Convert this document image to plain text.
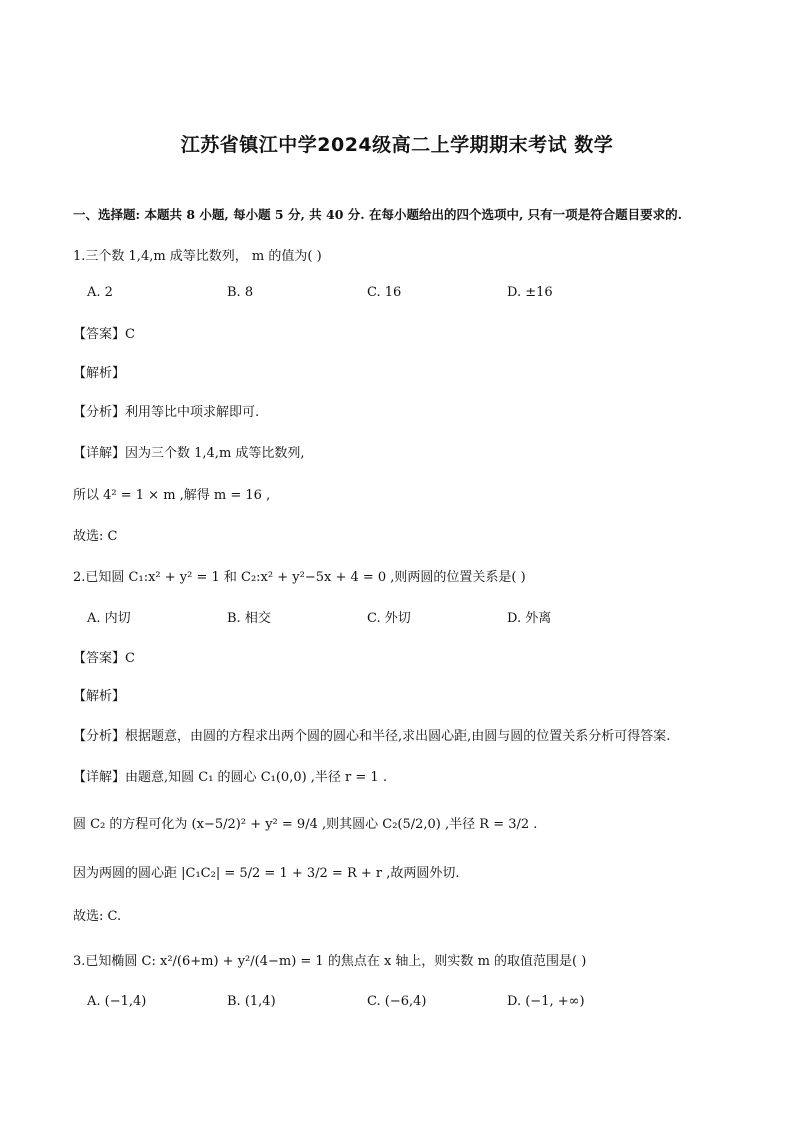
江苏省镇江中学2024级高二上学期期末考试 数学
一、选择题: 本题共 8 小题, 每小题 5 分, 共 40 分. 在每小题给出的四个选项中, 只有一项是符合题目要求的.
1.三个数 1,4,m 成等比数列， m 的值为( )
A. 2	B. 8	C. 16	D. ±16
【答案】C
【解析】
【分析】利用等比中项求解即可.
【详解】因为三个数 1,4,m 成等比数列,
所以 4² = 1 × m ,解得 m = 16 ,
故选: C
2.已知圆 C₁:x² + y² = 1 和 C₂:x² + y²−5x + 4 = 0 ,则两圆的位置关系是( )
A. 内切	B. 相交	C. 外切	D. 外离
【答案】C
【解析】
【分析】根据题意，由圆的方程求出两个圆的圆心和半径,求出圆心距,由圆与圆的位置关系分析可得答案.
【详解】由题意,知圆 C₁ 的圆心 C₁(0,0) ,半径 r = 1 .
圆 C₂ 的方程可化为 (x−5/2)² + y² = 9/4 ,则其圆心 C₂(5/2,0) ,半径 R = 3/2 .
因为两圆的圆心距 |C₁C₂| = 5/2 = 1 + 3/2 = R + r ,故两圆外切.
故选: C.
3.已知椭圆 C: x²/(6+m) + y²/(4−m) = 1 的焦点在 x 轴上，则实数 m 的取值范围是( )
A. (−1,4)	B. (1,4)	C. (−6,4)	D. (−1, +∞)
